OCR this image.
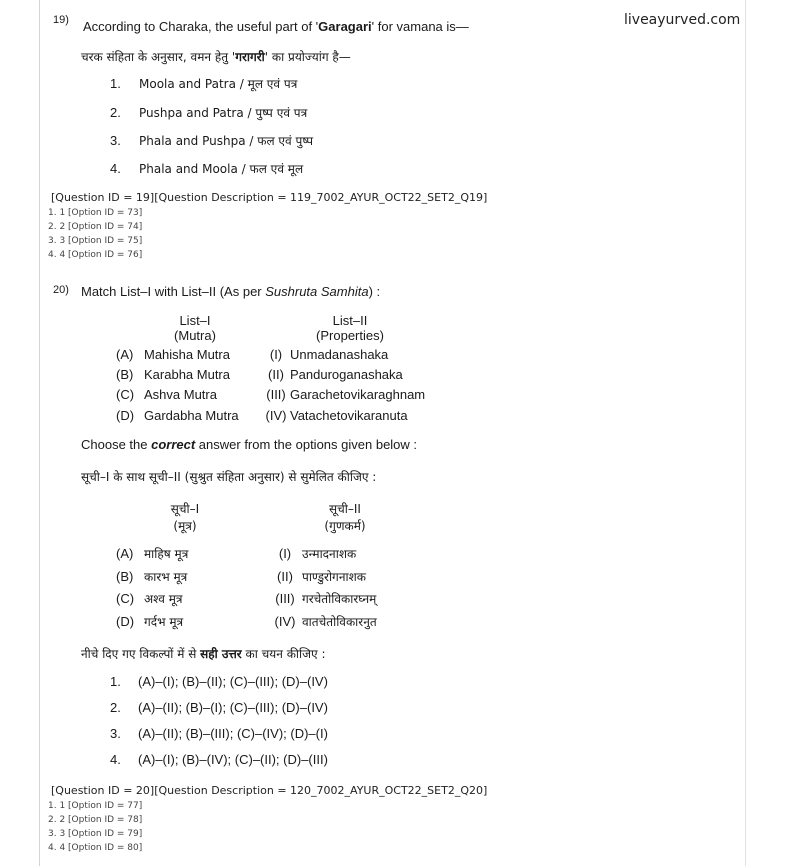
liveayurved.com
19) According to Charaka, the useful part of 'Garagari' for vamana is—
चरक संहिता के अनुसार, वमन हेतु 'गरागरी' का प्रयोज्यांग है—
1. Moola and Patra / मूल एवं पत्र
2. Pushpa and Patra / पुष्प एवं पत्र
3. Phala and Pushpa / फल एवं पुष्प
4. Phala and Moola / फल एवं मूल
[Question ID = 19][Question Description = 119_7002_AYUR_OCT22_SET2_Q19]
1. 1 [Option ID = 73]
2. 2 [Option ID = 74]
3. 3 [Option ID = 75]
4. 4 [Option ID = 76]
20) Match List–I with List–II (As per Sushruta Samhita) :
List–I
(Mutra)
List–II
(Properties)
(A) Mahisha Mutra	(I) Unmadanashaka
(B) Karabha Mutra	(II) Panduroganashaka
(C) Ashva Mutra	(III) Garachetovikaraghnam
(D) Gardabha Mutra (IV) Vatachetovikaranuta
Choose the correct answer from the options given below :
सूची–I के साथ सूची–II (सुश्रुत संहिता अनुसार) से सुमेलित कीजिए :
सूची–I
(मूत्र)
सूची–II
(गुणकर्म)
(A) माहिष मूत्र	(I) उन्मादनाशक
(B) कारभ मूत्र	(II) पाण्डुरोगनाशक
(C) अश्व मूत्र	(III) गरचेतोविकारघ्नम्
(D) गर्दभ मूत्र	(IV) वातचेतोविकारनुत
नीचे दिए गए विकल्पों में से सही उत्तर का चयन कीजिए :
1. (A)–(I); (B)–(II); (C)–(III); (D)–(IV)
2. (A)–(II); (B)–(I); (C)–(III); (D)–(IV)
3. (A)–(II); (B)–(III); (C)–(IV); (D)–(I)
4. (A)–(I); (B)–(IV); (C)–(II); (D)–(III)
[Question ID = 20][Question Description = 120_7002_AYUR_OCT22_SET2_Q20]
1. 1 [Option ID = 77]
2. 2 [Option ID = 78]
3. 3 [Option ID = 79]
4. 4 [Option ID = 80]
